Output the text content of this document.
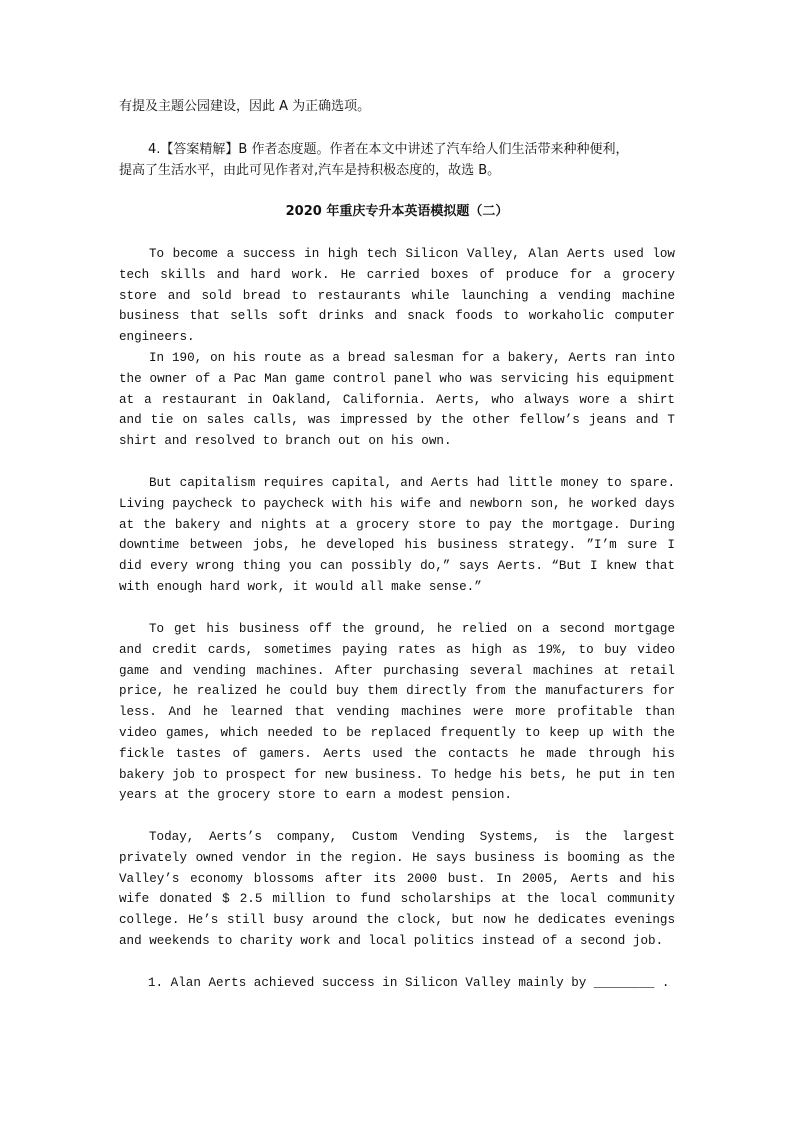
有提及主题公园建设，因此 A 为正确选项。
4.【答案精解】B 作者态度题。作者在本文中讲述了汽车给人们生活带来种种便利，
提高了生活水平，由此可见作者对,汽车是持积极态度的，故选 B。
2020 年重庆专升本英语模拟题（二）

To become a success in high tech Silicon Valley, Alan Aerts used low tech skills and hard work. He carried boxes of produce for a grocery store and sold bread to restaurants while launching a vending machine business that sells soft drinks and snack foods to workaholic computer engineers.

In 190, on his route as a bread salesman for a bakery, Aerts ran into the owner of a Pac Man game control panel who was servicing his equipment at a restaurant in Oakland, California. Aerts, who always wore a shirt and tie on sales calls, was impressed by the other fellow’s jeans and T shirt and resolved to branch out on his own.

But capitalism requires capital, and Aerts had little money to spare. Living paycheck to paycheck with his wife and newborn son, he worked days at the bakery and nights at a grocery store to pay the mortgage. During downtime between jobs, he developed his business strategy. ”I’m sure I did every wrong thing you can possibly do,” says Aerts. “But I knew that with enough hard work, it would all make sense.”

To get his business off the ground, he relied on a second mortgage and credit cards, sometimes paying rates as high as 19%, to buy video game and vending machines. After purchasing several machines at retail price, he realized he could buy them directly from the manufacturers for less. And he learned that vending machines were more profitable than video games, which needed to be replaced frequently to keep up with the fickle tastes of gamers. Aerts used the contacts he made through his bakery job to prospect for new business. To hedge his bets, he put in ten years at the grocery store to earn a modest pension.

Today, Aerts’s company, Custom Vending Systems, is the largest privately owned vendor in the region. He says business is booming as the Valley’s economy blossoms after its 2000 bust. In 2005, Aerts and his wife donated $ 2.5 million to fund scholarships at the local community college. He’s still busy around the clock, but now he dedicates evenings and weekends to charity work and local politics instead of a second job.

1. Alan Aerts achieved success in Silicon Valley mainly by ________ .
